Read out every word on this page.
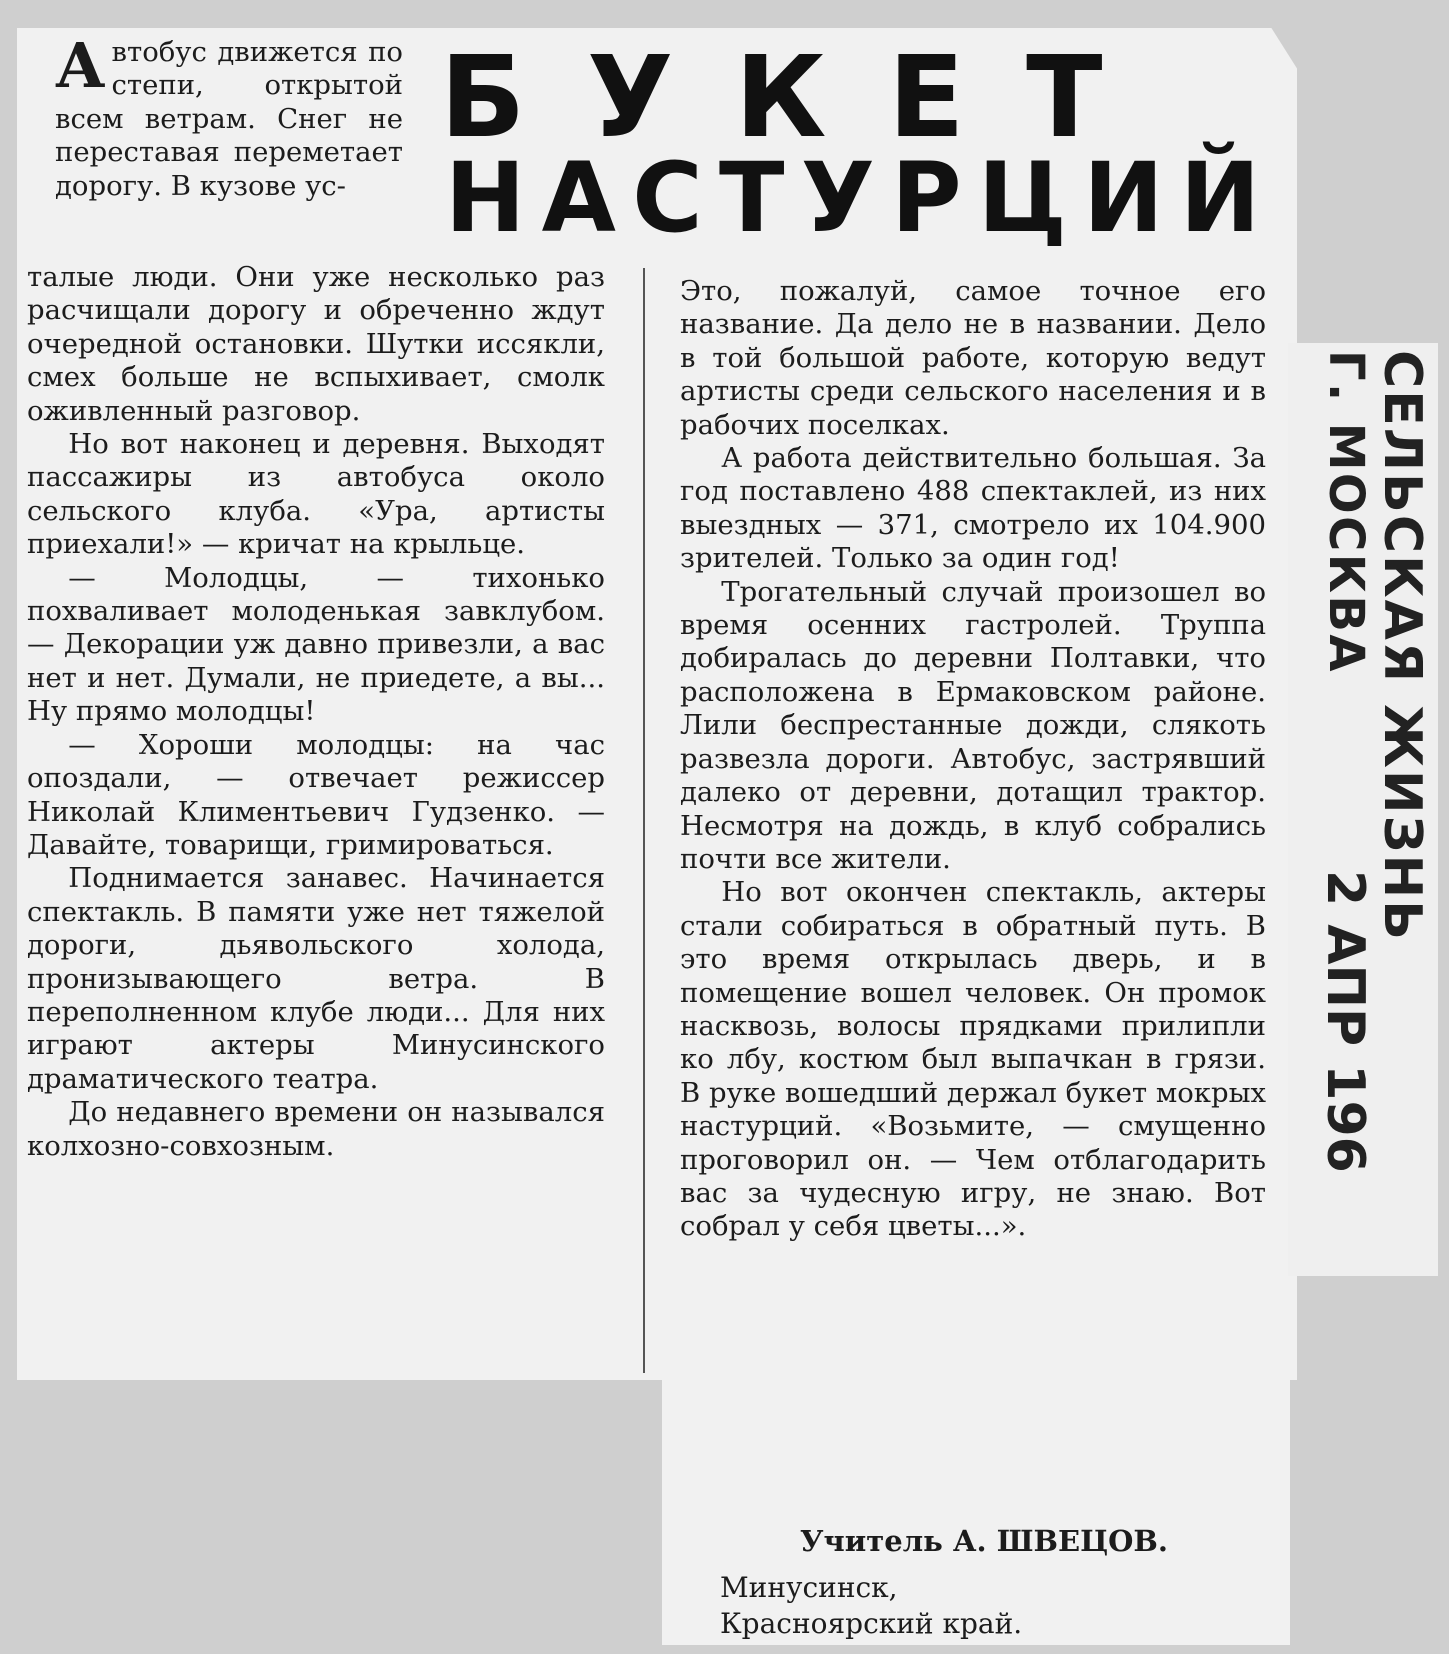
БУКЕТ
НАСТУРЦИЙ
А втобус движется по степи, открытой всем ветрам. Снег не переставая переметает дорогу. В кузове ус-

талые люди. Они уже несколько раз расчищали дорогу и обреченно ждут очередной остановки. Шутки иссякли, смех больше не вспыхивает, смолк оживленный разговор.

Но вот наконец и деревня. Выходят пассажиры из автобуса около сельского клуба. «Ура, артисты приехали!» — кричат на крыльце.

— Молодцы, — тихонько похваливает молоденькая завклубом. — Декорации уж давно привезли, а вас нет и нет. Думали, не приедете, а вы... Ну прямо молодцы!

— Хороши молодцы: на час опоздали, — отвечает режиссер Николай Климентьевич Гудзенко. — Давайте, товарищи, гримироваться.

Поднимается занавес. Начинается спектакль. В памяти уже нет тяжелой дороги, дьявольского холода, пронизывающего ветра. В переполненном клубе люди... Для них играют актеры Минусинского драматического театра.

До недавнего времени он назывался колхозно-совхозным.

Это, пожалуй, самое точное его название. Да дело не в названии. Дело в той большой работе, которую ведут артисты среди сельского населения и в рабочих поселках.

А работа действительно большая. За год поставлено 488 спектаклей, из них выездных — 371, смотрело их 104.900 зрителей. Только за один год!

Трогательный случай произошел во время осенних гастролей. Труппа добиралась до деревни Полтавки, что расположена в Ермаковском районе. Лили беспрестанные дожди, слякоть развезла дороги. Автобус, застрявший далеко от деревни, дотащил трактор. Несмотря на дождь, в клуб собрались почти все жители.

Но вот окончен спектакль, актеры стали собираться в обратный путь. В это время открылась дверь, и в помещение вошел человек. Он промок насквозь, волосы прядками прилипли ко лбу, костюм был выпачкан в грязи. В руке вошедший держал букет мокрых настурций. «Возьмите, — смущенно проговорил он. — Чем отблагодарить вас за чудесную игру, не знаю. Вот собрал у себя цветы...».

Учитель А. ШВЕЦОВ.
Минусинск,
Красноярский край.
СЕЛЬСКАЯ ЖИЗНЬ
Г. МОСКВА
2 АПР 196
